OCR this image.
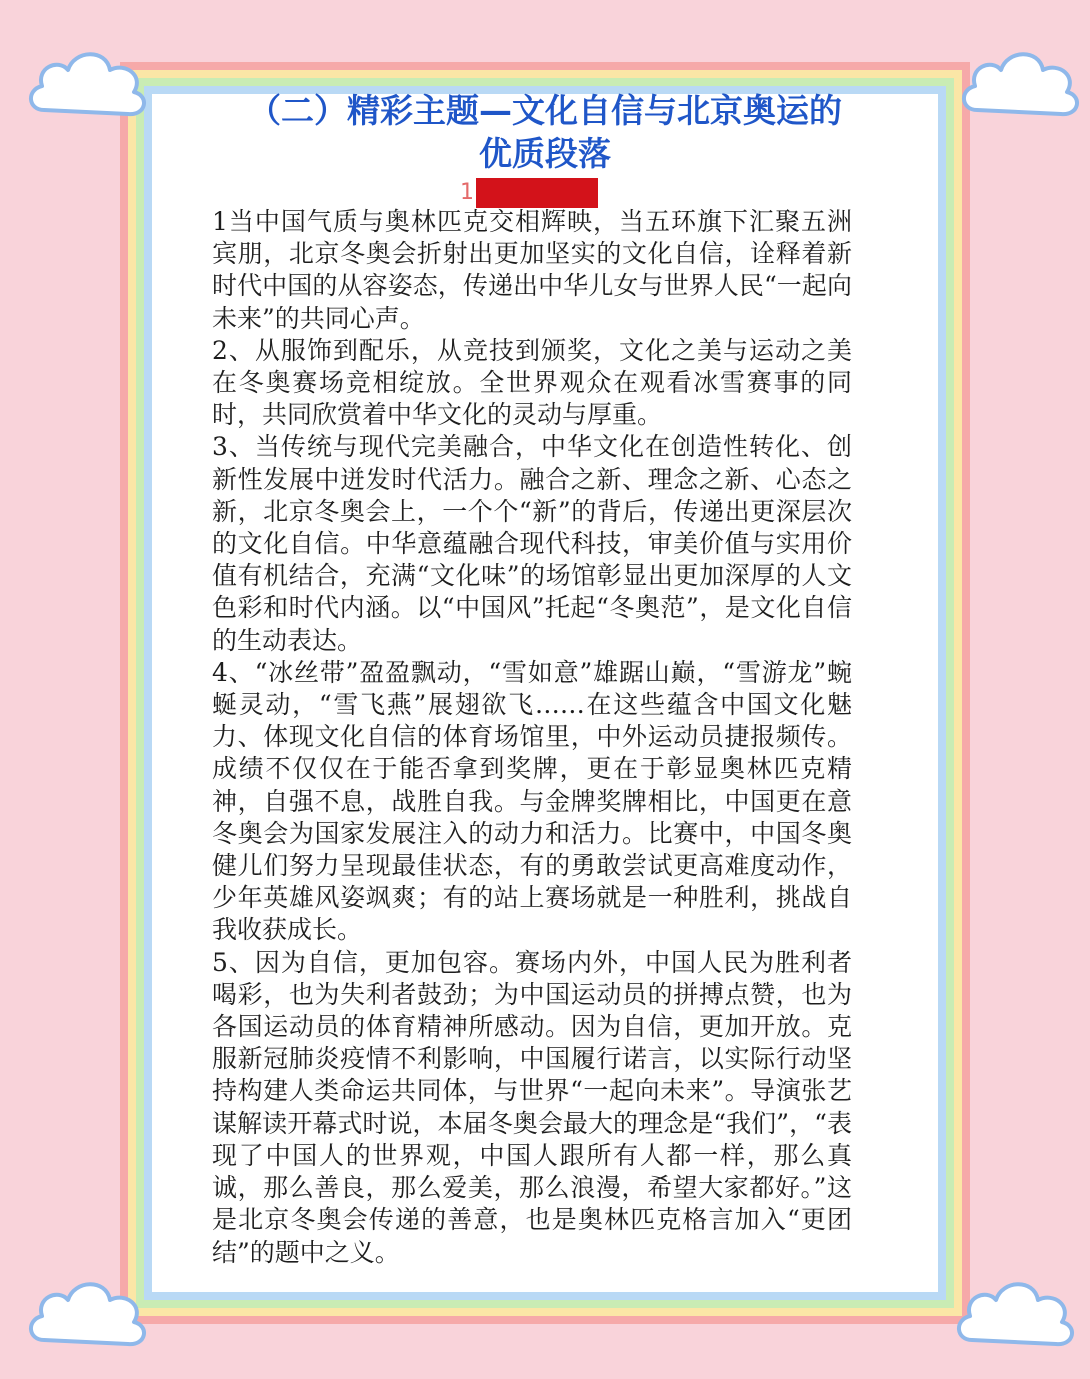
（二）精彩主题—文化自信与北京奥运的
优质段落
1

1当中国气质与奥林匹克交相辉映，当五环旗下汇聚五洲宾朋，北京冬奥会折射出更加坚实的文化自信，诠释着新时代中国的从容姿态，传递出中华儿女与世界人民“一起向未来”的共同心声。

2、从服饰到配乐，从竞技到颁奖，文化之美与运动之美在冬奥赛场竞相绽放。全世界观众在观看冰雪赛事的同时，共同欣赏着中华文化的灵动与厚重。

3、当传统与现代完美融合，中华文化在创造性转化、创新性发展中迸发时代活力。融合之新、理念之新、心态之新，北京冬奥会上，一个个“新”的背后，传递出更深层次的文化自信。中华意蕴融合现代科技，审美价值与实用价值有机结合，充满“文化味”的场馆彰显出更加深厚的人文色彩和时代内涵。以“中国风”托起“冬奥范”，是文化自信的生动表达。

4、“冰丝带”盈盈飘动，“雪如意”雄踞山巅，“雪游龙”蜿蜒灵动，“雪飞燕”展翅欲飞……在这些蕴含中国文化魅力、体现文化自信的体育场馆里，中外运动员捷报频传。成绩不仅仅在于能否拿到奖牌，更在于彰显奥林匹克精神，自强不息，战胜自我。与金牌奖牌相比，中国更在意冬奥会为国家发展注入的动力和活力。比赛中，中国冬奥健儿们努力呈现最佳状态，有的勇敢尝试更高难度动作，少年英雄风姿飒爽；有的站上赛场就是一种胜利，挑战自我收获成长。

5、因为自信，更加包容。赛场内外，中国人民为胜利者喝彩，也为失利者鼓劲；为中国运动员的拼搏点赞，也为各国运动员的体育精神所感动。因为自信，更加开放。克服新冠肺炎疫情不利影响，中国履行诺言，以实际行动坚持构建人类命运共同体，与世界“一起向未来”。导演张艺谋解读开幕式时说，本届冬奥会最大的理念是“我们”，“表现了中国人的世界观，中国人跟所有人都一样，那么真诚，那么善良，那么爱美，那么浪漫，希望大家都好。”这是北京冬奥会传递的善意，也是奥林匹克格言加入“更团结”的题中之义。
